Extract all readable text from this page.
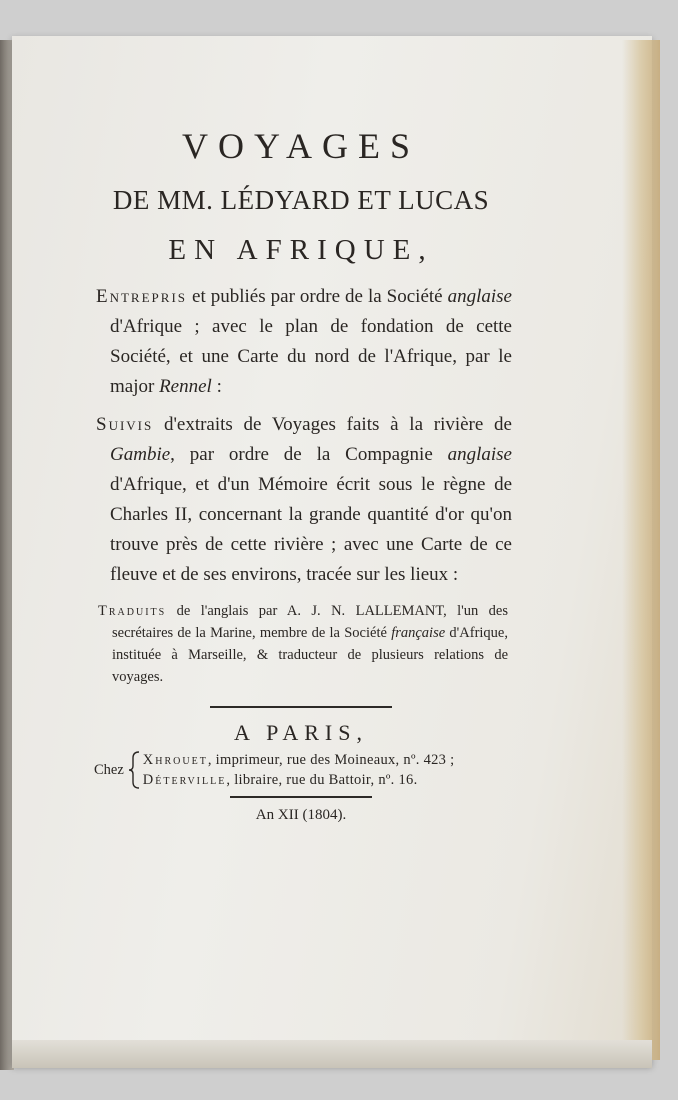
VOYAGES
DE MM. LÉDYARD ET LUCAS
EN AFRIQUE,
Entrepris et publiés par ordre de la Société anglaise d'Afrique ; avec le plan de fondation de cette Société, et une Carte du nord de l'Afrique, par le major Rennel :
Suivis d'extraits de Voyages faits à la rivière de Gambie, par ordre de la Compagnie anglaise d'Afrique, et d'un Mémoire écrit sous le règne de Charles II, concernant la grande quantité d'or qu'on trouve près de cette rivière ; avec une Carte de ce fleuve et de ses environs, tracée sur les lieux :
Traduits de l'anglais par A. J. N. LALLEMANT, l'un des secrétaires de la Marine, membre de la Société française d'Afrique, instituée à Marseille, & traducteur de plusieurs relations de voyages.
A PARIS,
Chez
Xhrouet, imprimeur, rue des Moineaux, nº. 423 ;
Déterville, libraire, rue du Battoir, nº. 16.
An XII (1804).
